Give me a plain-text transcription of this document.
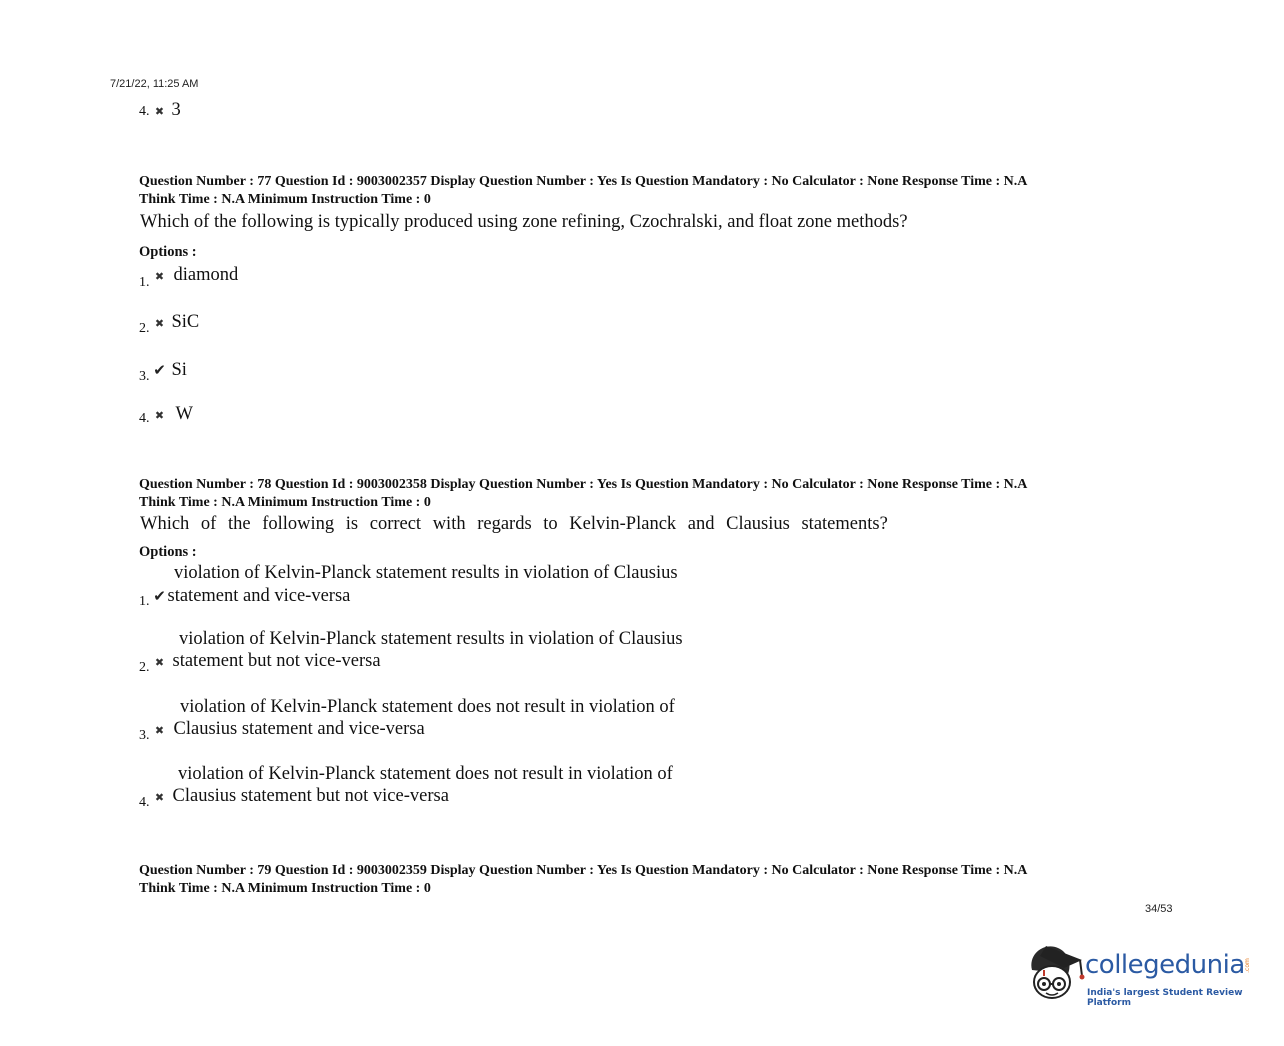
7/21/22, 11:25 AM
4. ✖ 3
Question Number : 77 Question Id : 9003002357 Display Question Number : Yes Is Question Mandatory : No Calculator : None Response Time : N.A
Think Time : N.A Minimum Instruction Time : 0
Which of the following is typically produced using zone refining, Czochralski, and float zone methods?
Options :
1. ✖ diamond
2. ✖ SiC
3. ✔ Si
4. ✖ W
Question Number : 78 Question Id : 9003002358 Display Question Number : Yes Is Question Mandatory : No Calculator : None Response Time : N.A
Think Time : N.A Minimum Instruction Time : 0
Which of the following is correct with regards to Kelvin-Planck and Clausius statements?
Options :
violation of Kelvin-Planck statement results in violation of Clausius
1. ✔ statement and vice-versa
violation of Kelvin-Planck statement results in violation of Clausius
2. ✖ statement but not vice-versa
violation of Kelvin-Planck statement does not result in violation of
3. ✖ Clausius statement and vice-versa
violation of Kelvin-Planck statement does not result in violation of
4. ✖ Clausius statement but not vice-versa
Question Number : 79 Question Id : 9003002359 Display Question Number : Yes Is Question Mandatory : No Calculator : None Response Time : N.A
Think Time : N.A Minimum Instruction Time : 0
34/53
collegedunia .com
India's largest Student Review Platform
